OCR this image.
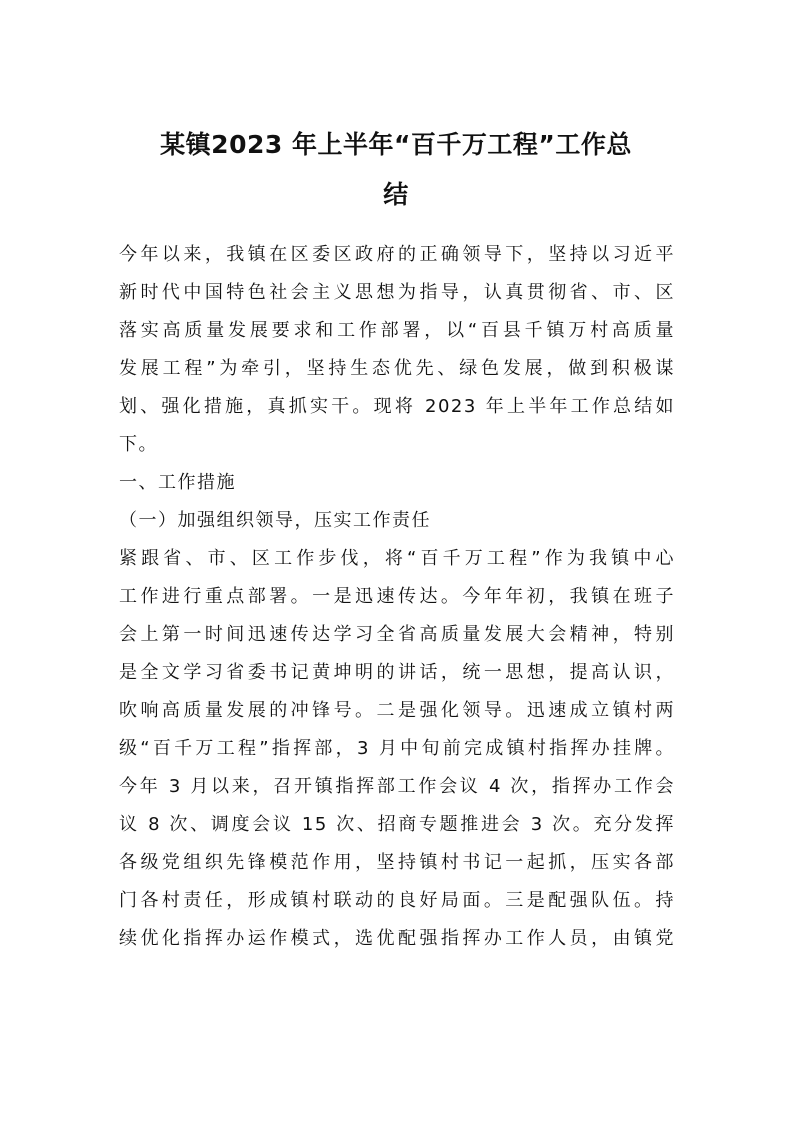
某镇2023 年上半年“百千万工程”工作总
结
今年以来，我镇在区委区政府的正确领导下，坚持以习近平
新时代中国特色社会主义思想为指导，认真贯彻省、市、区
落实高质量发展要求和工作部署，以“百县千镇万村高质量
发展工程”为牵引，坚持生态优先、绿色发展，做到积极谋
划、强化措施，真抓实干。现将 2023 年上半年工作总结如
下。
一、工作措施
（一）加强组织领导，压实工作责任
紧跟省、市、区工作步伐，将“百千万工程”作为我镇中心
工作进行重点部署。一是迅速传达。今年年初，我镇在班子
会上第一时间迅速传达学习全省高质量发展大会精神，特别
是全文学习省委书记黄坤明的讲话，统一思想，提高认识，
吹响高质量发展的冲锋号。二是强化领导。迅速成立镇村两
级“百千万工程”指挥部，3 月中旬前完成镇村指挥办挂牌。
今年 3 月以来，召开镇指挥部工作会议 4 次，指挥办工作会
议 8 次、调度会议 15 次、招商专题推进会 3 次。充分发挥
各级党组织先锋模范作用，坚持镇村书记一起抓，压实各部
门各村责任，形成镇村联动的良好局面。三是配强队伍。持
续优化指挥办运作模式，选优配强指挥办工作人员，由镇党
